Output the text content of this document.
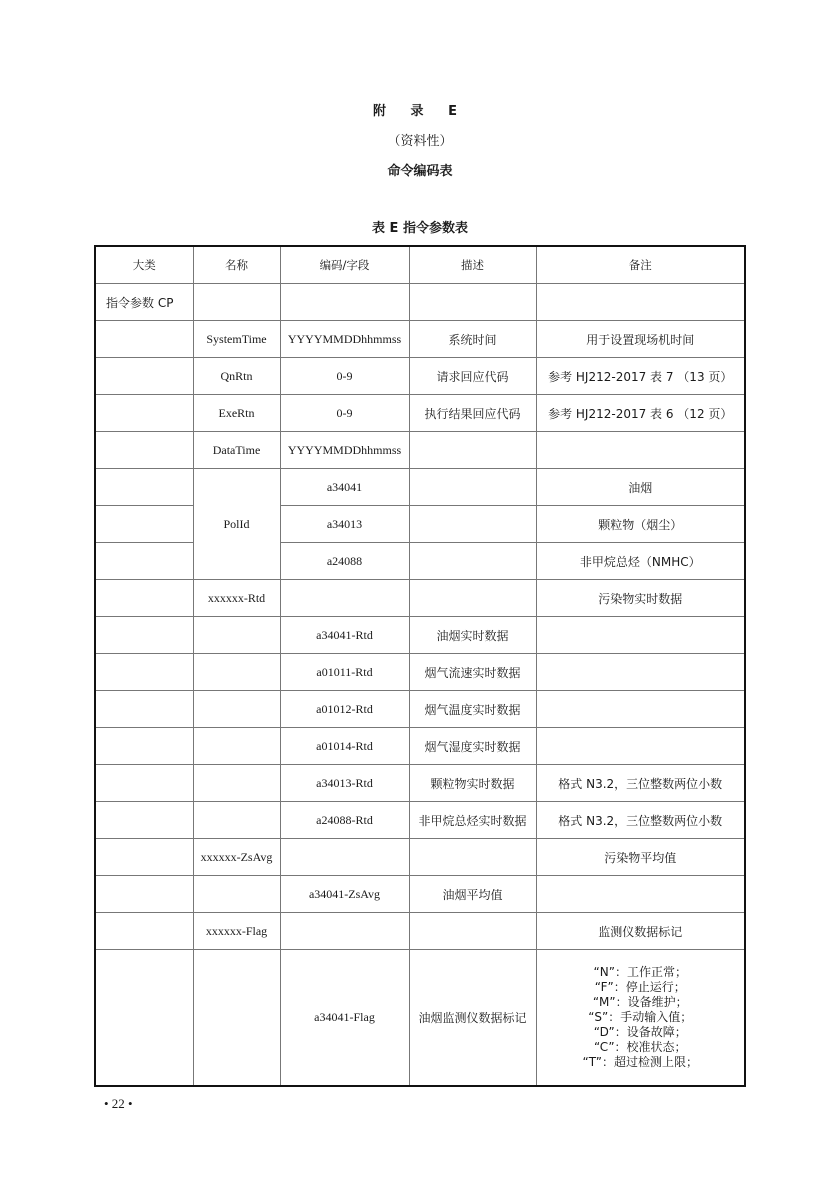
附 录 E
（资料性）
命令编码表
表 E 指令参数表
大类	名称	编码/字段	描述	备注
指令参数 CP				
	SystemTime	YYYYMMDDhhmmss	系统时间	用于设置现场机时间
	QnRtn	0-9	请求回应代码	参考 HJ212-2017 表 7 （13 页）
	ExeRtn	0-9	执行结果回应代码	参考 HJ212-2017 表 6 （12 页）
	DataTime	YYYYMMDDhhmmss		
	PolId	a34041		油烟
		a34013		颗粒物（烟尘）
		a24088		非甲烷总烃（NMHC）
	xxxxxx-Rtd			污染物实时数据
		a34041-Rtd	油烟实时数据	
		a01011-Rtd	烟气流速实时数据	
		a01012-Rtd	烟气温度实时数据	
		a01014-Rtd	烟气湿度实时数据	
		a34013-Rtd	颗粒物实时数据	格式 N3.2，三位整数两位小数
		a24088-Rtd	非甲烷总烃实时数据	格式 N3.2，三位整数两位小数
	xxxxxx-ZsAvg			污染物平均值
		a34041-ZsAvg	油烟平均值	
	xxxxxx-Flag			监测仪数据标记
		a34041-Flag	油烟监测仪数据标记	
“N”：工作正常；
“F”：停止运行；
“M”：设备维护；
“S”：手动输入值；
“D”：设备故障；
“C”：校准状态；
“T”：超过检测上限；
• 22 •
